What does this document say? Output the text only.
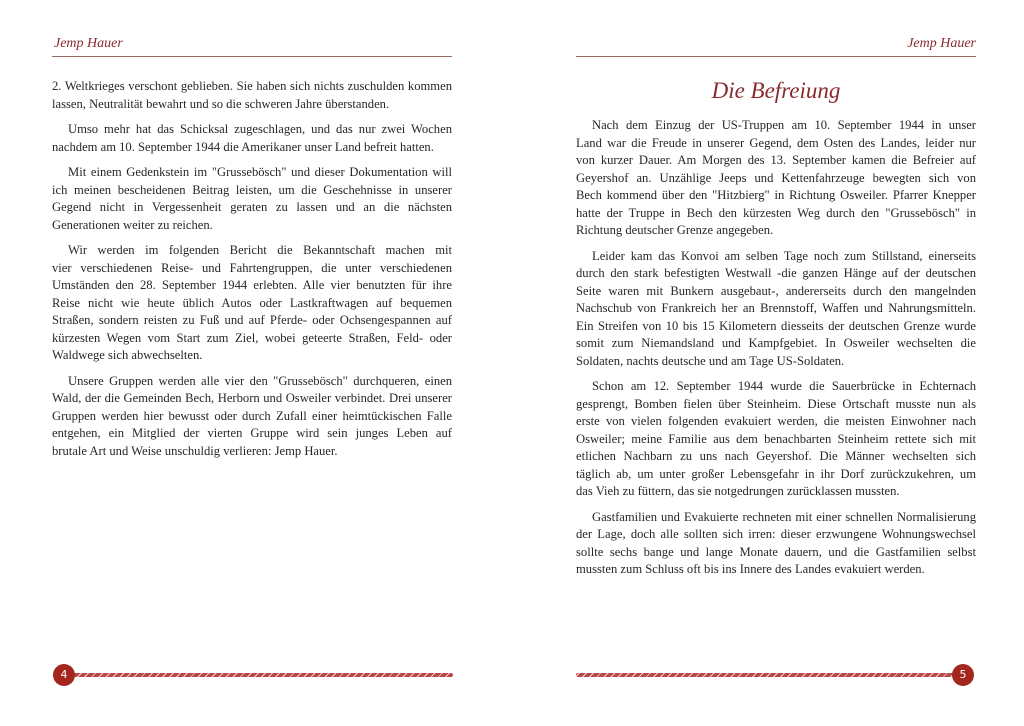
Jemp Hauer
2. Weltkrieges verschont geblieben. Sie haben sich nichts zuschulden kommen
lassen, Neutralität bewahrt und so die schweren Jahre überstanden.
Umso mehr hat das Schicksal zugeschlagen, und das nur zwei Wochen
nachdem am 10. September 1944 die Amerikaner unser Land befreit hatten.
Mit einem Gedenkstein im "Grussebösch" und dieser Dokumentation will
ich meinen bescheidenen Beitrag leisten, um die Geschehnisse in unserer
Gegend nicht in Vergessenheit geraten zu lassen und an die nächsten
Generationen weiter zu reichen.
Wir werden im folgenden Bericht die Bekanntschaft machen mit
vier verschiedenen Reise- und Fahrtengruppen, die unter verschiedenen
Umständen den 28. September 1944 erlebten. Alle vier benutzten für ihre
Reise nicht wie heute üblich Autos oder Lastkraftwagen auf bequemen
Straßen, sondern reisten zu Fuß und auf Pferde- oder Ochsengespannen auf
kürzesten Wegen vom Start zum Ziel, wobei geteerte Straßen, Feld- oder
Waldwege sich abwechselten.
Unsere Gruppen werden alle vier den "Grussebösch" durchqueren, einen
Wald, der die Gemeinden Bech, Herborn und Osweiler verbindet. Drei unserer
Gruppen werden hier bewusst oder durch Zufall einer heimtückischen Falle
entgehen, ein Mitglied der vierten Gruppe wird sein junges Leben auf
brutale Art und Weise unschuldig verlieren: Jemp Hauer.
Jemp Hauer
Die Befreiung
Nach dem Einzug der US-Truppen am 10. September 1944 in unser
Land war die Freude in unserer Gegend, dem Osten des Landes, leider nur
von kurzer Dauer. Am Morgen des 13. September kamen die Befreier auf
Geyershof an. Unzählige Jeeps und Kettenfahrzeuge bewegten sich von
Bech kommend über den "Hitzbierg" in Richtung Osweiler. Pfarrer Knepper
hatte der Truppe in Bech den kürzesten Weg durch den "Grussebösch" in
Richtung deutscher Grenze angegeben.
Leider kam das Konvoi am selben Tage noch zum Stillstand, einerseits
durch den stark befestigten Westwall -die ganzen Hänge auf der deutschen
Seite waren mit Bunkern ausgebaut-, andererseits durch den mangelnden
Nachschub von Frankreich her an Brennstoff, Waffen und Nahrungsmitteln.
Ein Streifen von 10 bis 15 Kilometern diesseits der deutschen Grenze wurde
somit zum Niemandsland und Kampfgebiet. In Osweiler wechselten die
Soldaten, nachts deutsche und am Tage US-Soldaten.
Schon am 12. September 1944 wurde die Sauerbrücke in Echternach
gesprengt, Bomben fielen über Steinheim. Diese Ortschaft musste nun als
erste von vielen folgenden evakuiert werden, die meisten Einwohner nach
Osweiler; meine Familie aus dem benachbarten Steinheim rettete sich mit
etlichen Nachbarn zu uns nach Geyershof. Die Männer wechselten sich
täglich ab, um unter großer Lebensgefahr in ihr Dorf zurückzukehren, um
das Vieh zu füttern, das sie notgedrungen zurücklassen mussten.
Gastfamilien und Evakuierte rechneten mit einer schnellen Normalisierung
der Lage, doch alle sollten sich irren: dieser erzwungene Wohnungswechsel
sollte sechs bange und lange Monate dauern, und die Gastfamilien selbst
mussten zum Schluss oft bis ins Innere des Landes evakuiert werden.
4	5
